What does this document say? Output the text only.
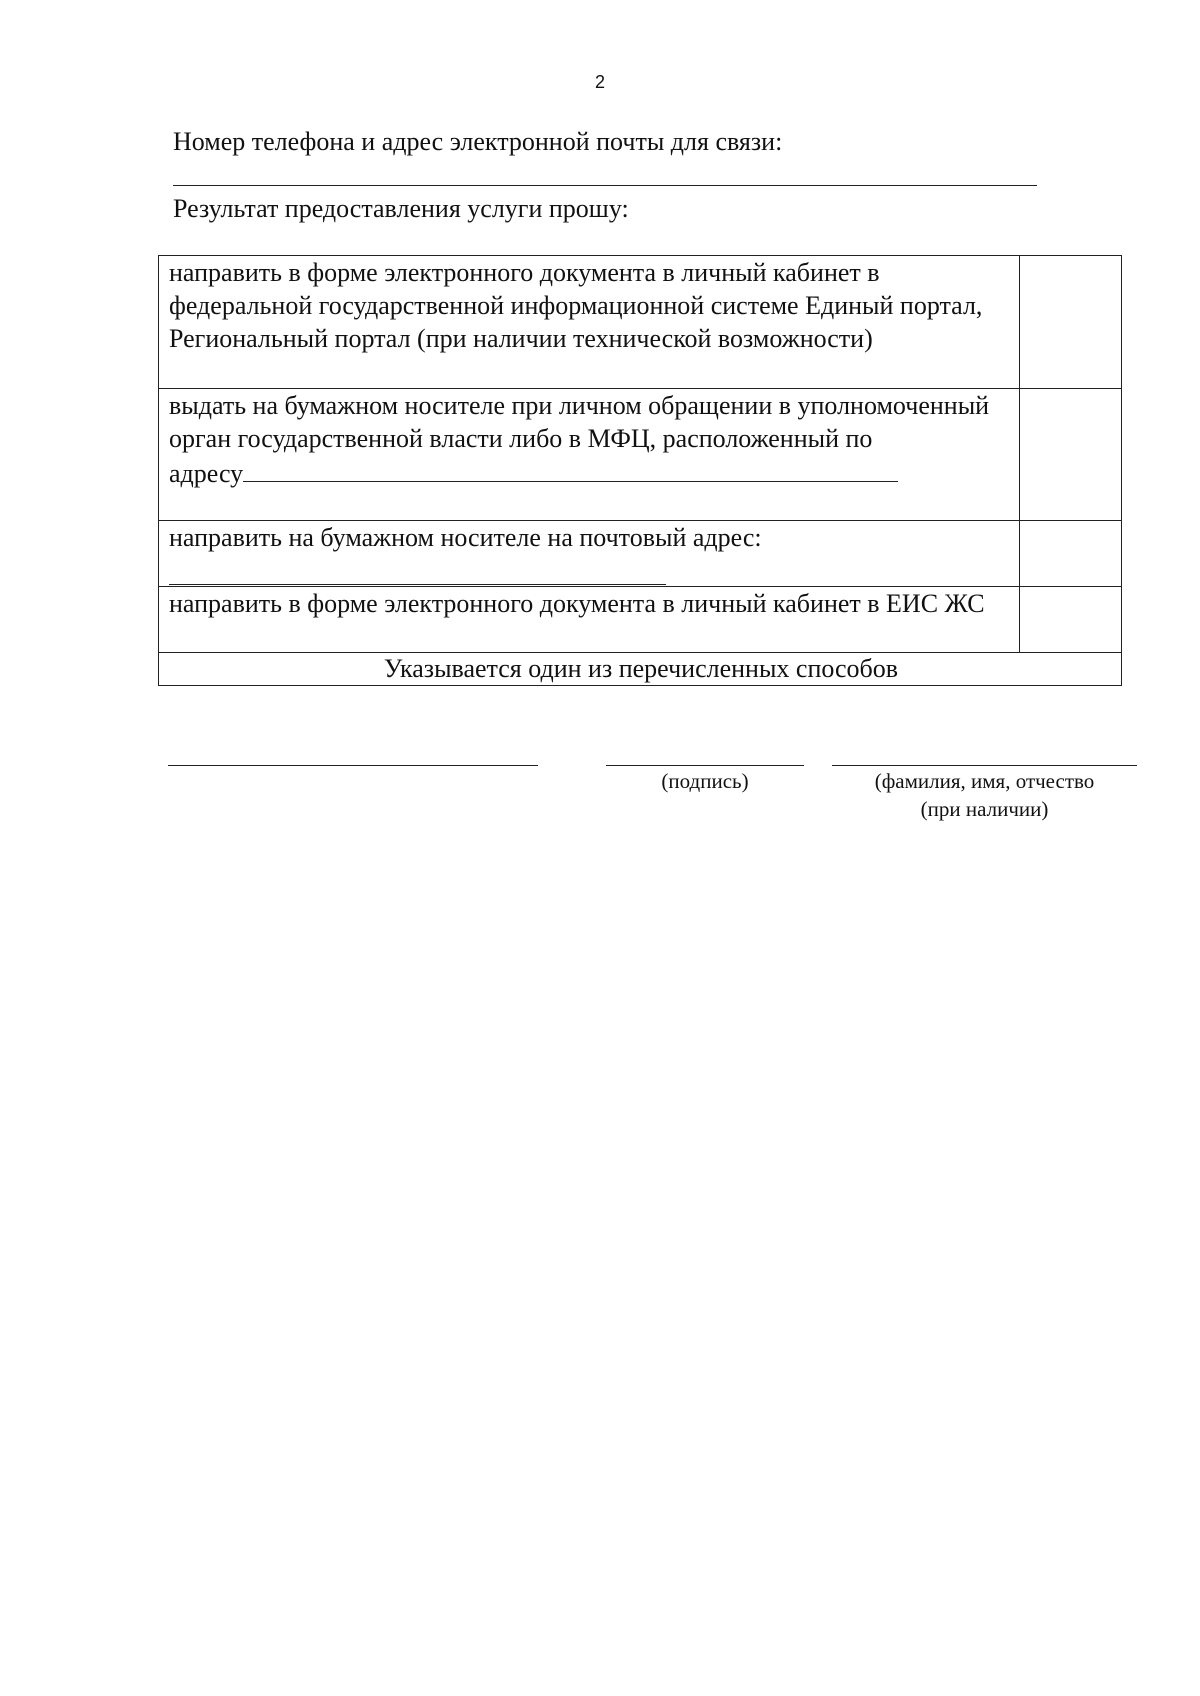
2
Номер телефона и адрес электронной почты для связи:
Результат предоставления услуги прошу:
направить в форме электронного документа в личный кабинет в федеральной государственной информационной системе Единый портал, Региональный портал (при наличии технической возможности)	
выдать на бумажном носителе при личном обращении в уполномоченный орган государственной власти либо в МФЦ, расположенный по
адресу	
направить на бумажном носителе на почтовый адрес:

направить в форме электронного документа в личный кабинет в ЕИС ЖС	
Указывается один из перечисленных способов	
(подпись)	(фамилия, имя, отчество
(при наличии)
